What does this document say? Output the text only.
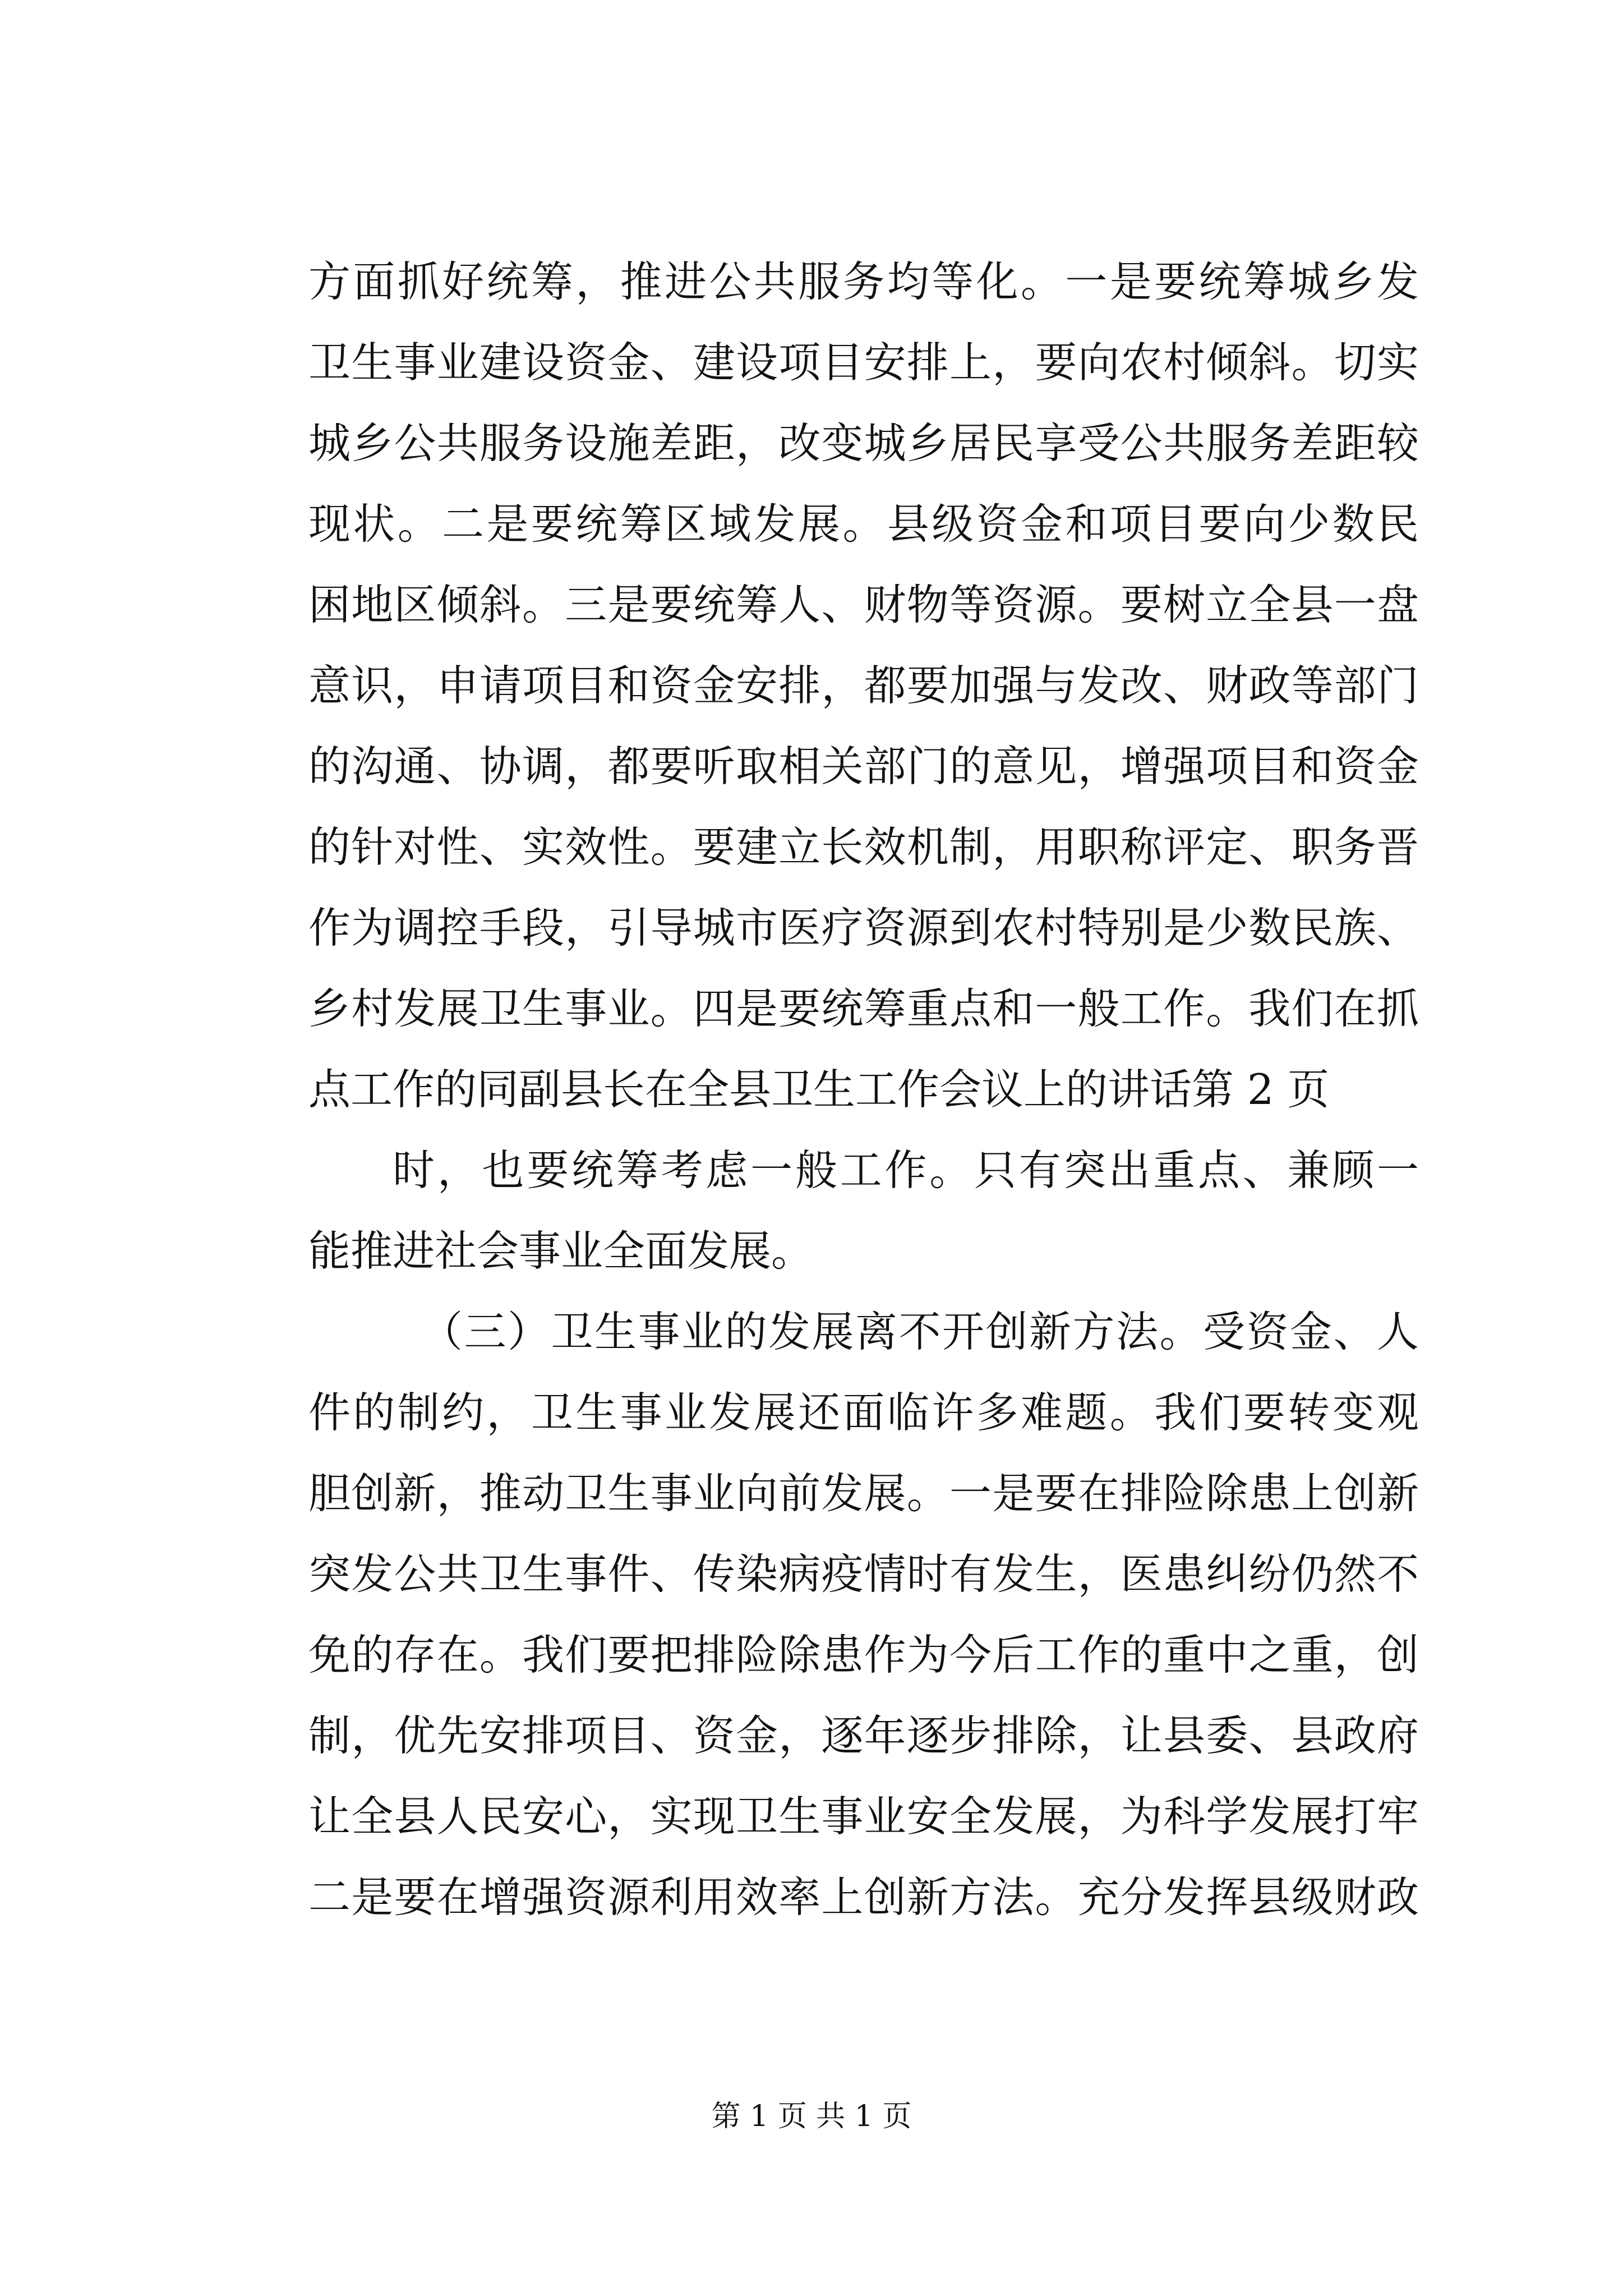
方面抓好统筹，推进公共服务均等化。一是要统筹城乡发
卫生事业建设资金、建设项目安排上，要向农村倾斜。切实
城乡公共服务设施差距，改变城乡居民享受公共服务差距较
现状。二是要统筹区域发展。县级资金和项目要向少数民
困地区倾斜。三是要统筹人、财物等资源。要树立全县一盘
意识，申请项目和资金安排，都要加强与发改、财政等部门
的沟通、协调，都要听取相关部门的意见，增强项目和资金
的针对性、实效性。要建立长效机制，用职称评定、职务晋
作为调控手段，引导城市医疗资源到农村特别是少数民族、
乡村发展卫生事业。四是要统筹重点和一般工作。我们在抓
点工作的同副县长在全县卫生工作会议上的讲话第 2 页
时，也要统筹考虑一般工作。只有突出重点、兼顾一
能推进社会事业全面发展。
（三）卫生事业的发展离不开创新方法。受资金、人
件的制约，卫生事业发展还面临许多难题。我们要转变观
胆创新，推动卫生事业向前发展。一是要在排险除患上创新
突发公共卫生事件、传染病疫情时有发生，医患纠纷仍然不
免的存在。我们要把排险除患作为今后工作的重中之重，创
制，优先安排项目、资金，逐年逐步排除，让县委、县政府
让全县人民安心，实现卫生事业安全发展，为科学发展打牢
二是要在增强资源利用效率上创新方法。充分发挥县级财政
第 1 页 共 1 页
